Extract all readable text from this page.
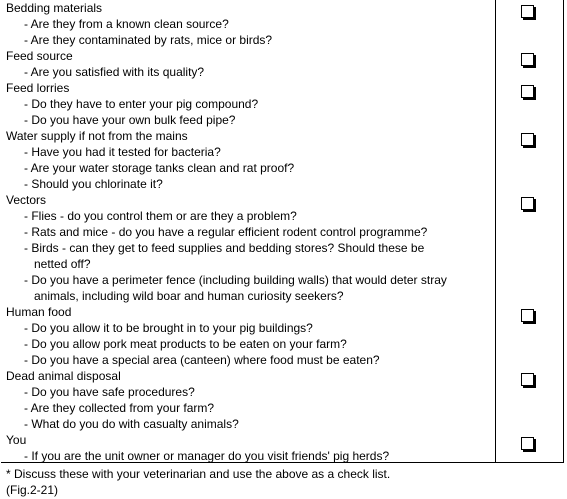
Bedding materials
- Are they from a known clean source?
- Are they contaminated by rats, mice or birds?
Feed source
- Are you satisfied with its quality?
Feed lorries
- Do they have to enter your pig compound?
- Do you have your own bulk feed pipe?
Water supply if not from the mains
- Have you had it tested for bacteria?
- Are your water storage tanks clean and rat proof?
- Should you chlorinate it?
Vectors
- Flies - do you control them or are they a problem?
- Rats and mice - do you have a regular efficient rodent control programme?
- Birds - can they get to feed supplies and bedding stores? Should these be
netted off?
- Do you have a perimeter fence (including building walls) that would deter stray
animals, including wild boar and human curiosity seekers?
Human food
- Do you allow it to be brought in to your pig buildings?
- Do you allow pork meat products to be eaten on your farm?
- Do you have a special area (canteen) where food must be eaten?
Dead animal disposal
- Do you have safe procedures?
- Are they collected from your farm?
- What do you do with casualty animals?
You
- If you are the unit owner or manager do you visit friends' pig herds?
* Discuss these with your veterinarian and use the above as a check list.
(Fig.2-21)
